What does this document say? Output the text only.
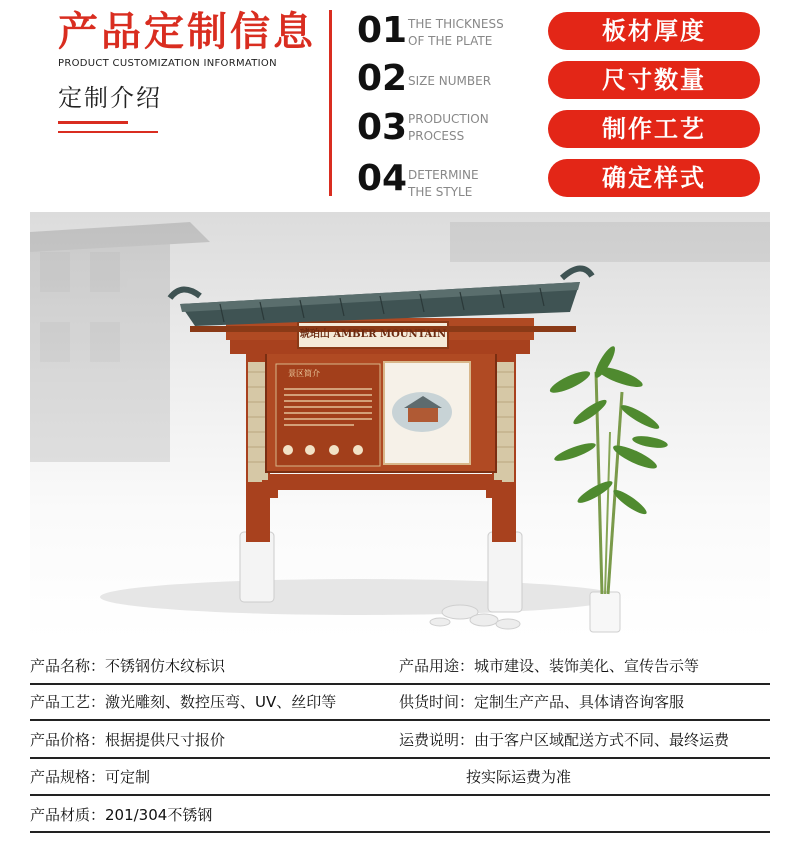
产品定制信息
PRODUCT CUSTOMIZATION INFORMATION
定制介绍
01 THE THICKNESS
OF THE PLATE
02 SIZE NUMBER
03 PRODUCTION
PROCESS
04 DETERMINE
THE STYLE
板材厚度
尺寸数量
制作工艺
确定样式
琥珀山 AMBER MOUNTAIN
景区简介
产品名称：不锈钢仿木纹标识	产品用途：城市建设、装饰美化、宣传告示等
产品工艺：激光雕刻、数控压弯、UV、丝印等	供货时间：定制生产产品、具体请咨询客服
产品价格：根据提供尺寸报价	运费说明：由于客户区域配送方式不同、最终运费
产品规格：可定制	按实际运费为准
产品材质：201/304不锈钢
